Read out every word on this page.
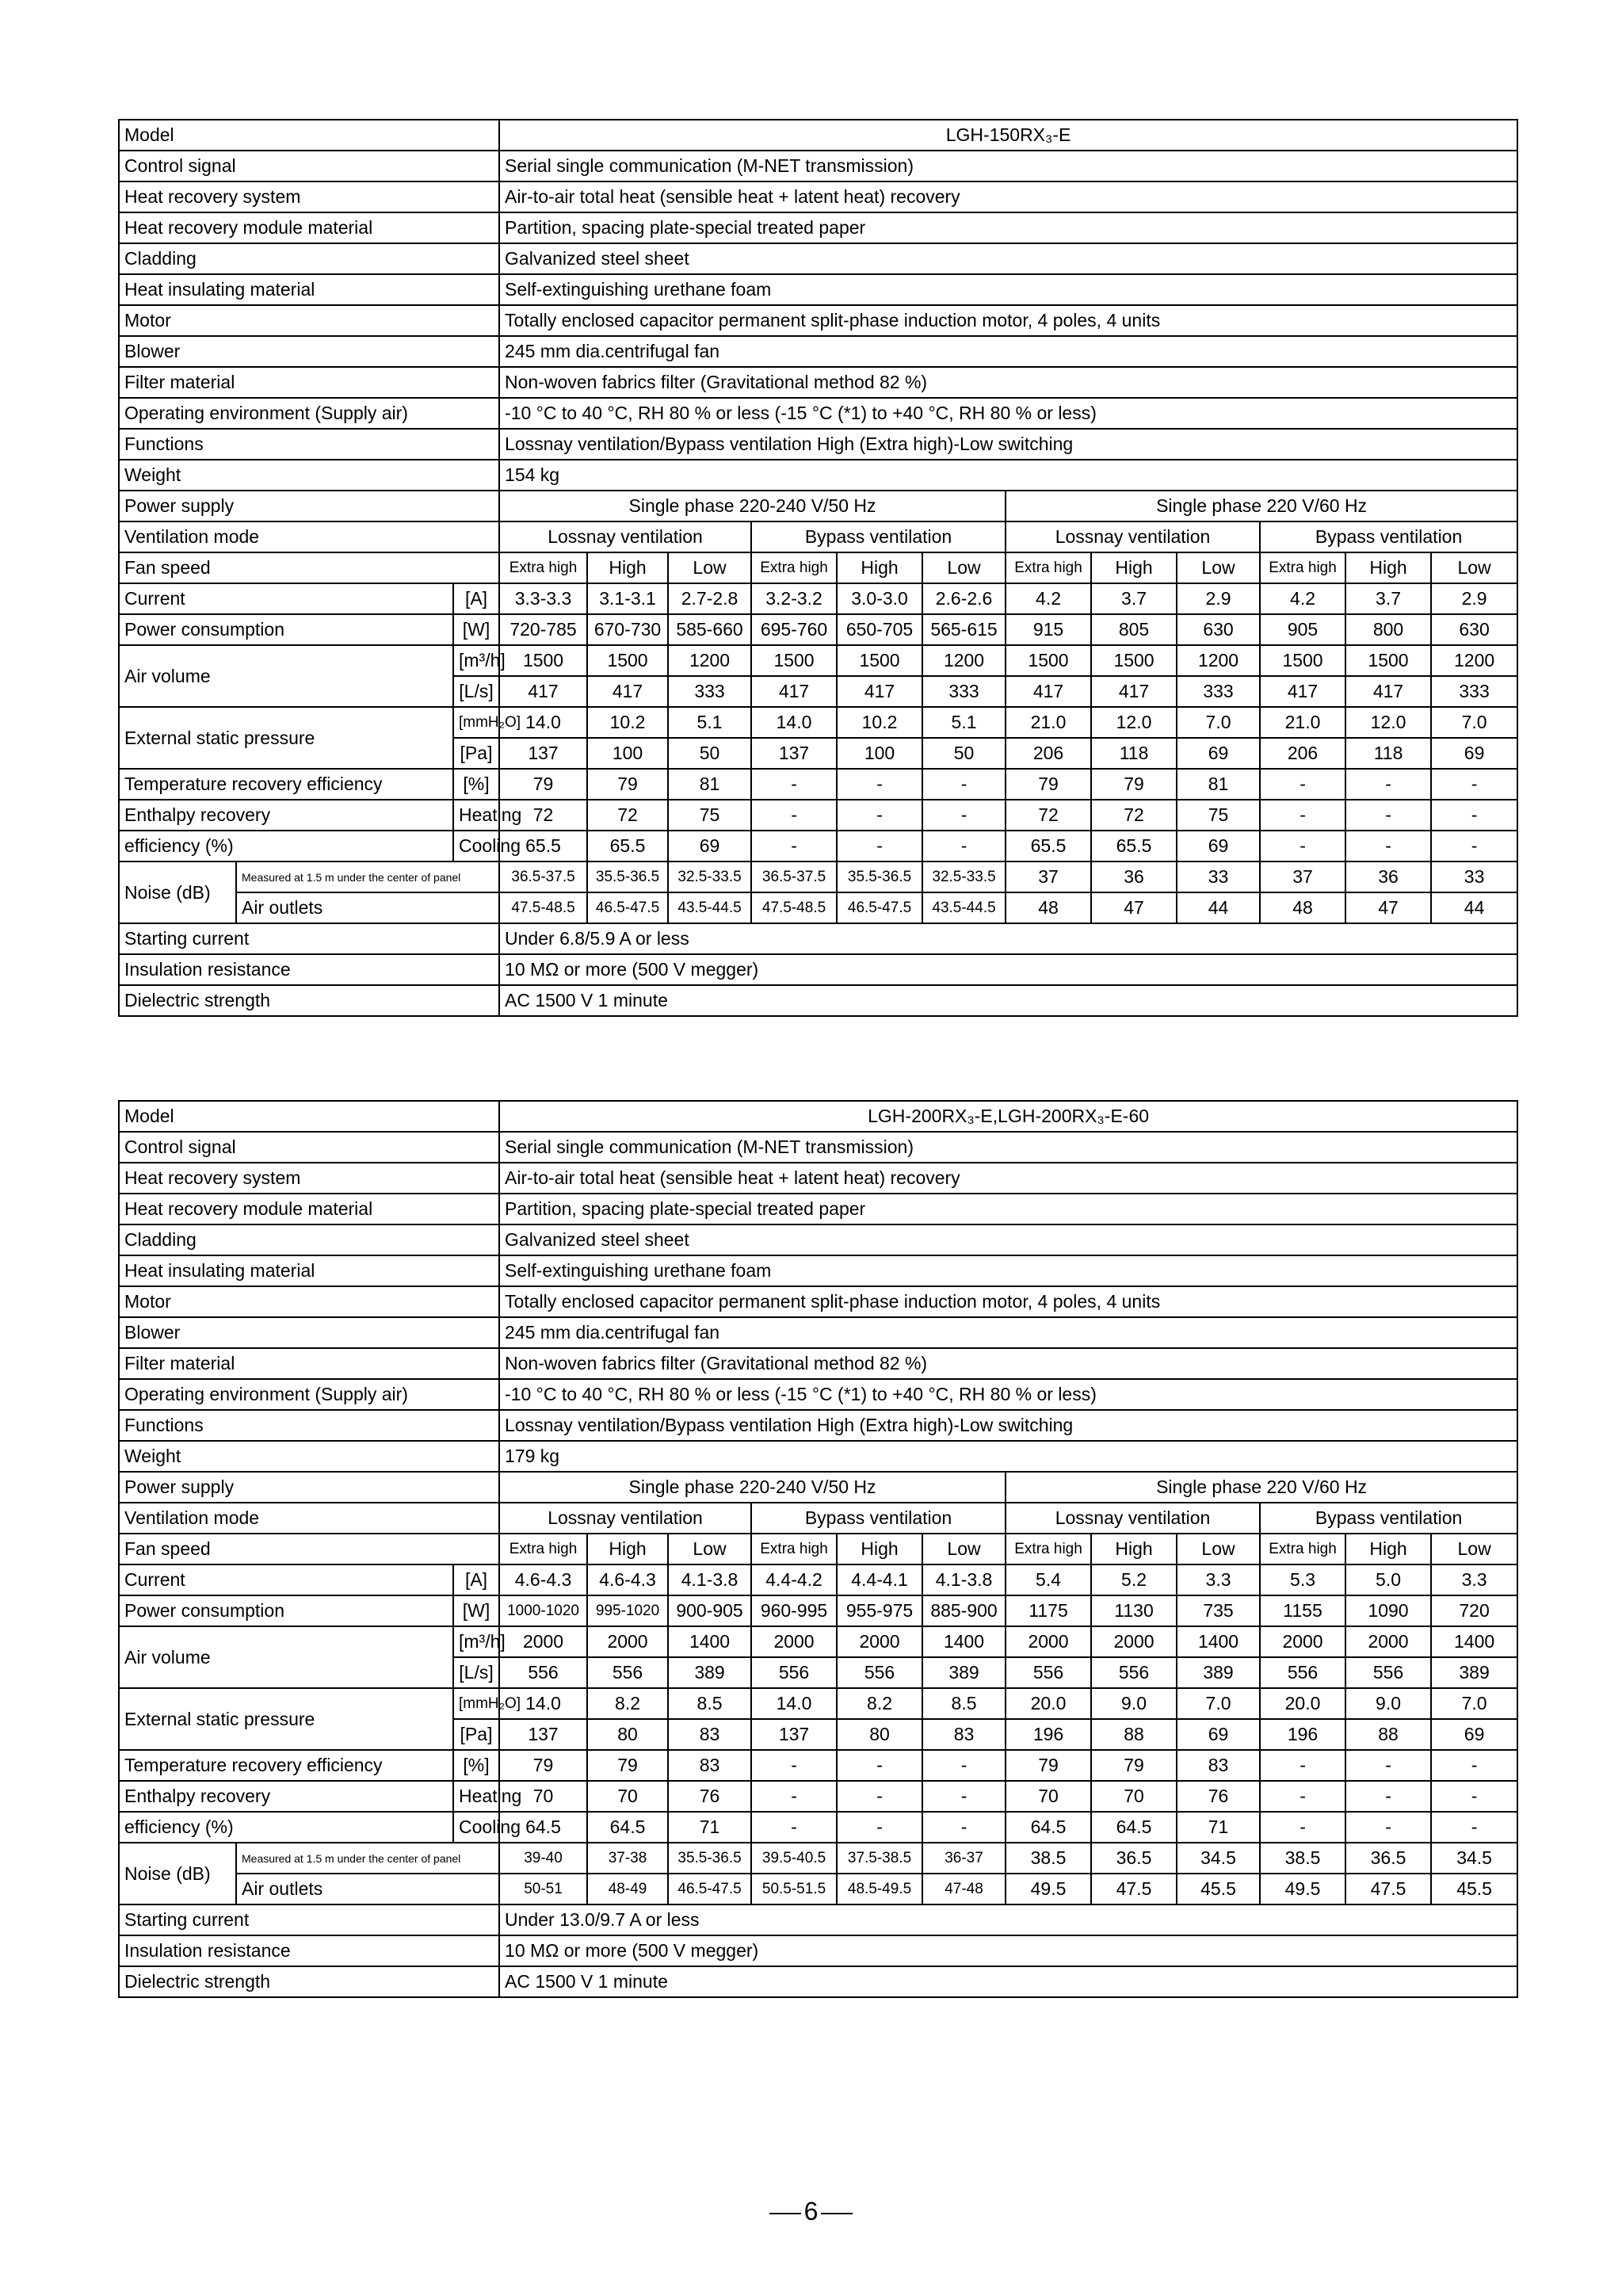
Model	LGH-150RX₃-E
Control signal	Serial single communication (M-NET transmission)
Heat recovery system	Air-to-air total heat (sensible heat + latent heat) recovery
Heat recovery module material	Partition, spacing plate-special treated paper
Cladding	Galvanized steel sheet
Heat insulating material	Self-extinguishing urethane foam
Motor	Totally enclosed capacitor permanent split-phase induction motor, 4 poles, 4 units
Blower	245 mm dia.centrifugal fan
Filter material	Non-woven fabrics filter (Gravitational method 82 %)
Operating environment (Supply air)	-10 °C to 40 °C, RH 80 % or less (-15 °C (*1) to +40 °C, RH 80 % or less)
Functions	Lossnay ventilation/Bypass ventilation High (Extra high)-Low switching
Weight	154 kg
Power supply	Single phase 220-240 V/50 Hz	Single phase 220 V/60 Hz
Ventilation mode	Lossnay ventilation	Bypass ventilation	Lossnay ventilation	Bypass ventilation
Fan speed	Extra high	High	Low	Extra high	High	Low	Extra high	High	Low	Extra high	High	Low
Current	[A]	3.3-3.3	3.1-3.1	2.7-2.8	3.2-3.2	3.0-3.0	2.6-2.6	4.2	3.7	2.9	4.2	3.7	2.9
Power consumption	[W]	720-785	670-730	585-660	695-760	650-705	565-615	915	805	630	905	800	630
Air volume	[m³/h]	1500	1500	1200	1500	1500	1200	1500	1500	1200	1500	1500	1200
[L/s]	417	417	333	417	417	333	417	417	333	417	417	333
External static pressure	[mmH₂O]	14.0	10.2	5.1	14.0	10.2	5.1	21.0	12.0	7.0	21.0	12.0	7.0
[Pa]	137	100	50	137	100	50	206	118	69	206	118	69
Temperature recovery efficiency	[%]	79	79	81	-	-	-	79	79	81	-	-	-
Enthalpy recovery	Heating	72	72	75	-	-	-	72	72	75	-	-	-
efficiency (%)	Cooling	65.5	65.5	69	-	-	-	65.5	65.5	69	-	-	-
Noise (dB)	Measured at 1.5 m under the center of panel	36.5-37.5	35.5-36.5	32.5-33.5	36.5-37.5	35.5-36.5	32.5-33.5	37	36	33	37	36	33
Air outlets	47.5-48.5	46.5-47.5	43.5-44.5	47.5-48.5	46.5-47.5	43.5-44.5	48	47	44	48	47	44
Starting current	Under 6.8/5.9 A or less
Insulation resistance	10 MΩ or more (500 V megger)
Dielectric strength	AC 1500 V 1 minute
Model	LGH-200RX₃-E,LGH-200RX₃-E-60
Control signal	Serial single communication (M-NET transmission)
Heat recovery system	Air-to-air total heat (sensible heat + latent heat) recovery
Heat recovery module material	Partition, spacing plate-special treated paper
Cladding	Galvanized steel sheet
Heat insulating material	Self-extinguishing urethane foam
Motor	Totally enclosed capacitor permanent split-phase induction motor, 4 poles, 4 units
Blower	245 mm dia.centrifugal fan
Filter material	Non-woven fabrics filter (Gravitational method 82 %)
Operating environment (Supply air)	-10 °C to 40 °C, RH 80 % or less (-15 °C (*1) to +40 °C, RH 80 % or less)
Functions	Lossnay ventilation/Bypass ventilation High (Extra high)-Low switching
Weight	179 kg
Power supply	Single phase 220-240 V/50 Hz	Single phase 220 V/60 Hz
Ventilation mode	Lossnay ventilation	Bypass ventilation	Lossnay ventilation	Bypass ventilation
Fan speed	Extra high	High	Low	Extra high	High	Low	Extra high	High	Low	Extra high	High	Low
Current	[A]	4.6-4.3	4.6-4.3	4.1-3.8	4.4-4.2	4.4-4.1	4.1-3.8	5.4	5.2	3.3	5.3	5.0	3.3
Power consumption	[W]	1000-1020	995-1020	900-905	960-995	955-975	885-900	1175	1130	735	1155	1090	720
Air volume	[m³/h]	2000	2000	1400	2000	2000	1400	2000	2000	1400	2000	2000	1400
[L/s]	556	556	389	556	556	389	556	556	389	556	556	389
External static pressure	[mmH₂O]	14.0	8.2	8.5	14.0	8.2	8.5	20.0	9.0	7.0	20.0	9.0	7.0
[Pa]	137	80	83	137	80	83	196	88	69	196	88	69
Temperature recovery efficiency	[%]	79	79	83	-	-	-	79	79	83	-	-	-
Enthalpy recovery	Heating	70	70	76	-	-	-	70	70	76	-	-	-
efficiency (%)	Cooling	64.5	64.5	71	-	-	-	64.5	64.5	71	-	-	-
Noise (dB)	Measured at 1.5 m under the center of panel	39-40	37-38	35.5-36.5	39.5-40.5	37.5-38.5	36-37	38.5	36.5	34.5	38.5	36.5	34.5
Air outlets	50-51	48-49	46.5-47.5	50.5-51.5	48.5-49.5	47-48	49.5	47.5	45.5	49.5	47.5	45.5
Starting current	Under 13.0/9.7 A or less
Insulation resistance	10 MΩ or more (500 V megger)
Dielectric strength	AC 1500 V 1 minute
6
